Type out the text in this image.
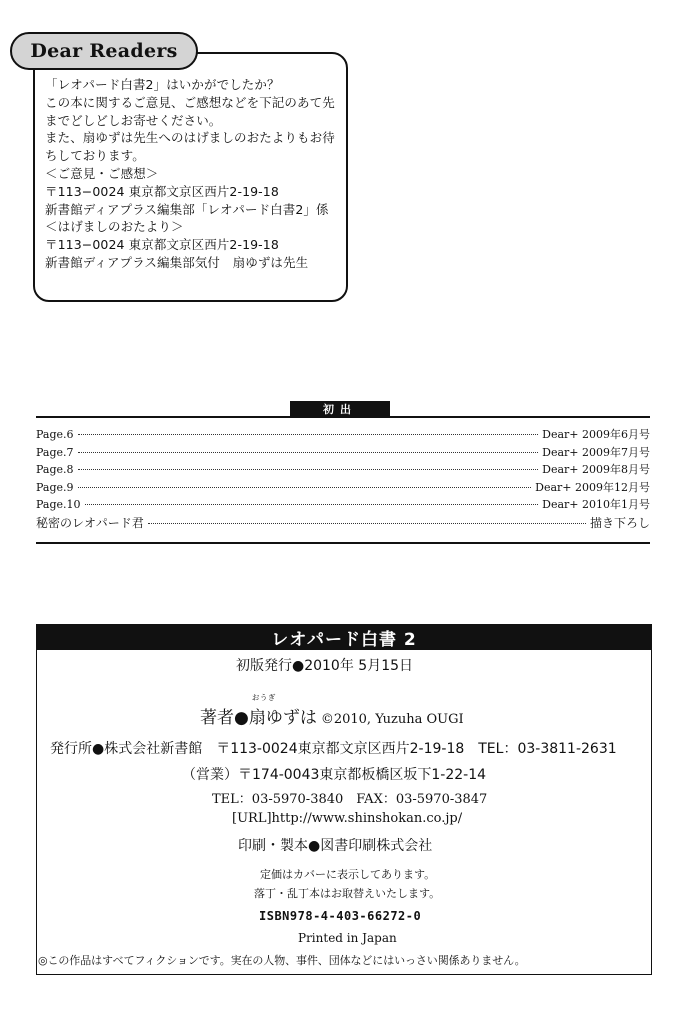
Dear Readers
「レオパード白書2」はいかがでしたか？
この本に関するご意見、ご感想などを下記のあて先
までどしどしお寄せください。
また、扇ゆずは先生へのはげましのおたよりもお待
ちしております。
＜ご意見・ご感想＞
〒113−0024 東京都文京区西片2-19-18
新書館ディアプラス編集部「レオパード白書2」係
＜はげましのおたより＞
〒113−0024 東京都文京区西片2-19-18
新書館ディアプラス編集部気付　扇ゆずは先生
初出
Page.6	Dear+ 2009年6月号
Page.7	Dear+ 2009年7月号
Page.8	Dear+ 2009年8月号
Page.9	Dear+ 2009年12月号
Page.10	Dear+ 2010年1月号
秘密のレオパード君	描き下ろし
レオパード白書 2
初版発行●2010年 5月15日
著者●
おうぎ
扇ゆずは ©2010, Yuzuha OUGI
発行所●株式会社新書館　〒113-0024東京都文京区西片2-19-18　TEL：03-3811-2631
（営業）〒174-0043東京都板橋区坂下1-22-14
TEL：03-5970-3840　FAX：03-5970-3847
[URL]http://www.shinshokan.co.jp/
印刷・製本●図書印刷株式会社
定価はカバーに表示してあります。
落丁・乱丁本はお取替えいたします。
ISBN978-4-403-66272-0
Printed in Japan
◎この作品はすべてフィクションです。実在の人物、事件、団体などにはいっさい関係ありません。
